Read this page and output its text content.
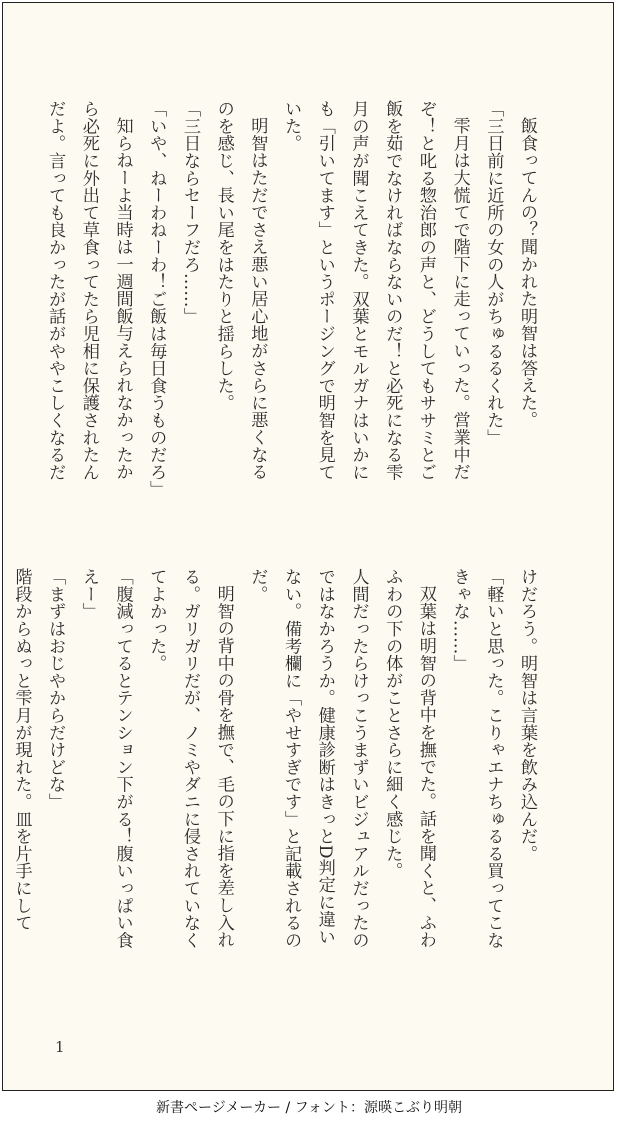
飯食ってんの？聞かれた明智は答えた。

「三日前に近所の女の人がちゅるるくれた」

雫月は大慌てで階下に走っていった。営業中だ

ぞ！と叱る惣治郎の声と、どうしてもササミとご

飯を茹でなければならないのだ！と必死になる雫

月の声が聞こえてきた。双葉とモルガナはいかに

も「引いてます」というポージングで明智を見て

いた。

明智はただでさえ悪い居心地がさらに悪くなる

のを感じ、長い尾をはたりと揺らした。

「三日ならセーフだろ……」

「いや、ねーわねーわ！ご飯は毎日食うものだろ」

知らねーよ当時は一週間飯与えられなかったか

ら必死に外出て草食ってたら児相に保護されたん

だよ。言っても良かったが話がややこしくなるだ

けだろう。明智は言葉を飲み込んだ。

「軽いと思った。こりゃエナちゅるる買ってこな

きゃな……」

双葉は明智の背中を撫でた。話を聞くと、ふわ

ふわの下の体がことさらに細く感じた。

人間だったらけっこうまずいビジュアルだったの

ではなかろうか。健康診断はきっとD判定に違い

ない。備考欄に「やせすぎです」と記載されるの

だ。

明智の背中の骨を撫で、毛の下に指を差し入れ

る。ガリガリだが、ノミやダニに侵されていなく

てよかった。

「腹減ってるとテンション下がる！腹いっぱい食

えー」

「まずはおじやからだけどな」

階段からぬっと雫月が現れた。皿を片手にして

1
新書ページメーカー / フォント：源暎こぶり明朝
